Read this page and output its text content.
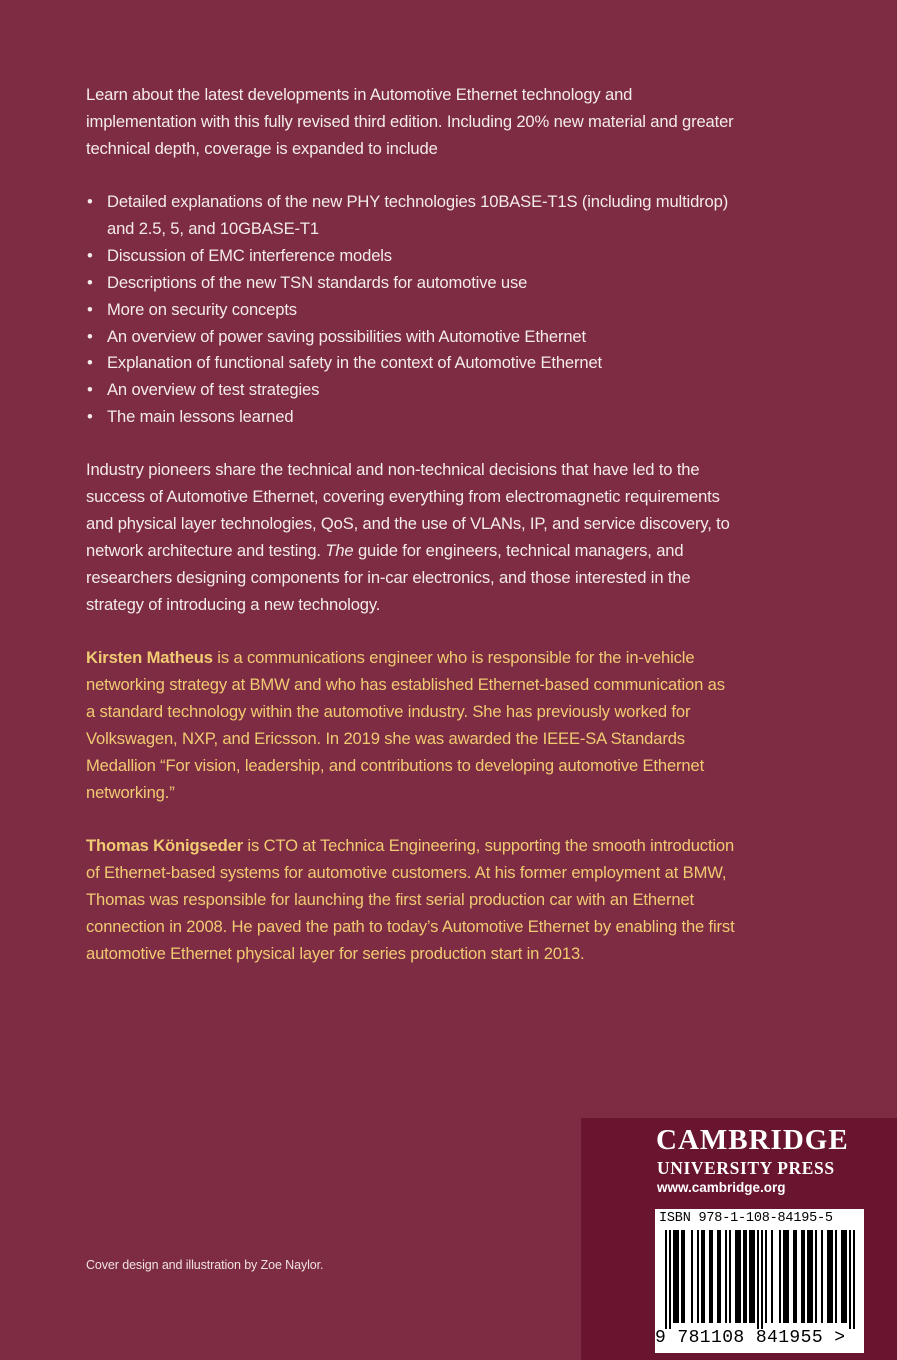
Learn about the latest developments in Automotive Ethernet technology and implementation with this fully revised third edition. Including 20% new material and greater technical depth, coverage is expanded to include

• Detailed explanations of the new PHY technologies 10BASE-T1S (including multidrop) and 2.5, 5, and 10GBASE-T1
• Discussion of EMC interference models
• Descriptions of the new TSN standards for automotive use
• More on security concepts
• An overview of power saving possibilities with Automotive Ethernet
• Explanation of functional safety in the context of Automotive Ethernet
• An overview of test strategies
• The main lessons learned

Industry pioneers share the technical and non-technical decisions that have led to the success of Automotive Ethernet, covering everything from electromagnetic requirements and physical layer technologies, QoS, and the use of VLANs, IP, and service discovery, to network architecture and testing. The guide for engineers, technical managers, and researchers designing components for in-car electronics, and those interested in the strategy of introducing a new technology.

Kirsten Matheus is a communications engineer who is responsible for the in-vehicle networking strategy at BMW and who has established Ethernet-based communication as a standard technology within the automotive industry. She has previously worked for Volkswagen, NXP, and Ericsson. In 2019 she was awarded the IEEE-SA Standards Medallion “For vision, leadership, and contributions to developing automotive Ethernet networking.”

Thomas Königseder is CTO at Technica Engineering, supporting the smooth introduction of Ethernet-based systems for automotive customers. At his former employment at BMW, Thomas was responsible for launching the first serial production car with an Ethernet connection in 2008. He paved the path to today’s Automotive Ethernet by enabling the first automotive Ethernet physical layer for series production start in 2013.

Cover design and illustration by Zoe Naylor.
CAMBRIDGE
UNIVERSITY PRESS
www.cambridge.org
ISBN 978-1-108-84195-5
9 781108 841955 >
